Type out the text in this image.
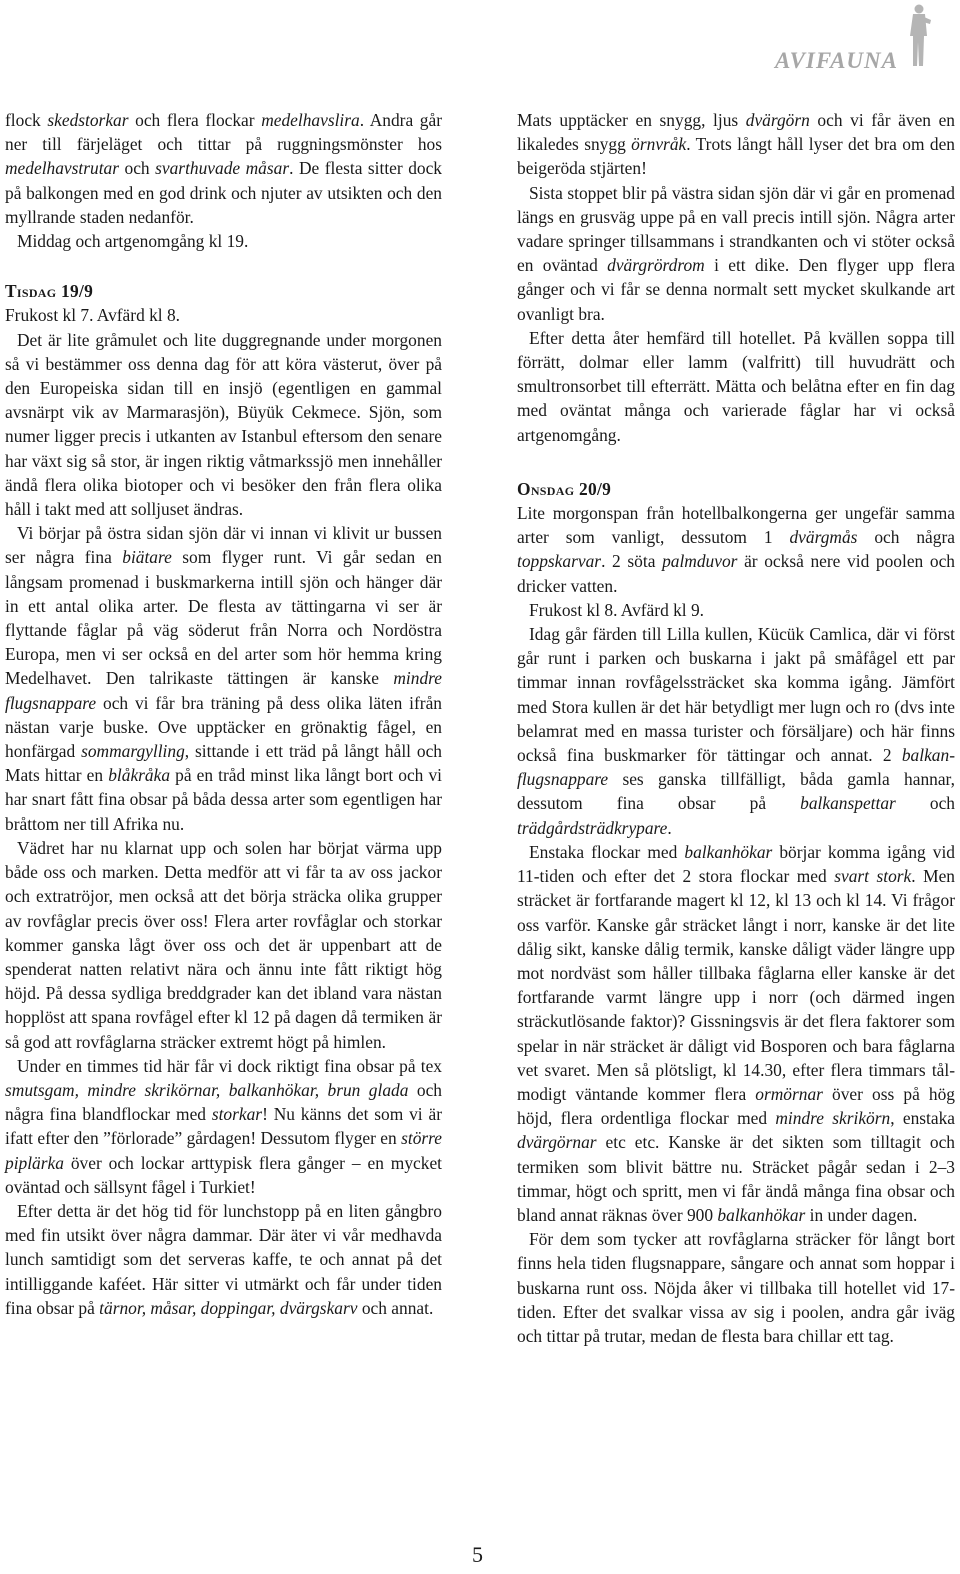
AVIFAUNA

flock skedstorkar och flera flockar medelhavslira. Andra går ner till färjeläget och tittar på ruggningsmönster hos medelhavstrutar och svarthuvade måsar. De flesta sitter dock på balkongen med en god drink och njuter av utsikten och den myllrande staden nedanför.

Middag och artgenomgång kl 19.

Tisdag 19/9

Frukost kl 7. Avfärd kl 8.

Det är lite gråmulet och lite duggregnande under morgonen så vi bestämmer oss denna dag för att köra västerut, över på den Europeiska sidan till en insjö (egentligen en gammal avsnärpt vik av Marmarasjön), Büyük Cekmece. Sjön, som numer ligger precis i utkanten av Istanbul eftersom den senare har växt sig så stor, är ingen riktig våtmarkssjö men innehåller ändå flera olika biotoper och vi besöker den från flera olika håll i takt med att solljuset ändras.

Vi börjar på östra sidan sjön där vi innan vi klivit ur bussen ser några fina biätare som flyger runt. Vi går sedan en långsam promenad i buskmarkerna intill sjön och hänger där in ett antal olika arter. De flesta av tättingarna vi ser är flyttande fåglar på väg söderut från Norra och Nordöstra Europa, men vi ser också en del arter som hör hemma kring Medelhavet. Den talrikaste tättingen är kanske mindre flugsnappare och vi får bra träning på dess olika läten ifrån nästan varje buske. Ove upptäcker en grönaktig fågel, en honfärgad sommargylling, sittande i ett träd på långt håll och Mats hittar en blåkråka på en tråd minst lika långt bort och vi har snart fått fina obsar på båda dessa arter som egentligen har bråttom ner till Afrika nu.

Vädret har nu klarnat upp och solen har börjat värma upp både oss och marken. Detta medför att vi får ta av oss jackor och extratröjor, men också att det börja sträcka olika grupper av rovfåglar precis över oss! Flera arter rovfåglar och storkar kommer ganska lågt över oss och det är uppenbart att de spenderat natten relativt nära och ännu inte fått riktigt hög höjd. På dessa sydliga breddgrader kan det ibland vara nästan hopplöst att spana rovfågel efter kl 12 på dagen då termiken är så god att rovfåglarna sträcker extremt högt på himlen.

Under en timmes tid här får vi dock riktigt fina obsar på tex smutsgam, mindre skrikörnar, balkanhökar, brun glada och några fina blandflockar med storkar! Nu känns det som vi är ifatt efter den ”förlorade” gårdagen! Dessutom flyger en större piplärka över och lockar arttypisk flera gånger – en mycket oväntad och sällsynt fågel i Turkiet!

Efter detta är det hög tid för lunchstopp på en liten gångbro med fin utsikt över några dammar. Där äter vi vår medhavda lunch samtidigt som det serveras kaffe, te och annat på det intilliggande kaféet. Här sitter vi utmärkt och får under tiden fina obsar på tärnor, måsar, doppingar, dvärgskarv och annat.

Mats upptäcker en snygg, ljus dvärgörn och vi får även en likaledes snygg örnvråk. Trots långt håll lyser det bra om den beigeröda stjärten!

Sista stoppet blir på västra sidan sjön där vi går en promenad längs en grusväg uppe på en vall precis intill sjön. Några arter vadare springer tillsammans i strandkanten och vi stöter också en oväntad dvärgrördrom i ett dike. Den flyger upp flera gånger och vi får se denna normalt sett mycket skulkande art ovanligt bra.

Efter detta åter hemfärd till hotellet. På kvällen soppa till förrätt, dolmar eller lamm (valfritt) till huvudrätt och smultronsorbet till efterrätt. Mätta och belåtna efter en fin dag med oväntat många och varierade fåglar har vi också artgenomgång.

Onsdag 20/9

Lite morgonspan från hotellbalkongerna ger ungefär samma arter som vanligt, dessutom 1 dvärgmås och några toppskarvar. 2 söta palmduvor är också nere vid poolen och dricker vatten.

Frukost kl 8. Avfärd kl 9.

Idag går färden till Lilla kullen, Kücük Camlica, där vi först går runt i parken och buskarna i jakt på småfågel ett par timmar innan rovfågelssträcket ska komma igång. Jämfört med Stora kullen är det här betydligt mer lugn och ro (dvs inte belamrat med en massa turister och försäljare) och här finns också fina buskmarker för tättingar och annat. 2 balkanflugsnappare ses ganska tillfälligt, båda gamla hannar, dessutom fina obsar på balkanspettar och trädgårdsträdkrypare.

Enstaka flockar med balkanhökar börjar komma igång vid 11-tiden och efter det 2 stora flockar med svart stork. Men sträcket är fortfarande magert kl 12, kl 13 och kl 14. Vi frågor oss varför. Kanske går sträcket långt i norr, kanske är det lite dålig sikt, kanske dålig termik, kanske dåligt väder längre upp mot nordväst som håller tillbaka fåglarna eller kanske är det fortfarande varmt längre upp i norr (och därmed ingen sträckutlösande faktor)? Gissningsvis är det flera faktorer som spelar in när sträcket är dåligt vid Bosporen och bara fåglarna vet svaret. Men så plötsligt, kl 14.30, efter flera timmars tålmodigt väntande kommer flera ormörnar över oss på hög höjd, flera ordentliga flockar med mindre skrikörn, enstaka dvärgörnar etc etc. Kanske är det sikten som tilltagit och termiken som blivit bättre nu. Sträcket pågår sedan i 2–3 timmar, högt och spritt, men vi får ändå många fina obsar och bland annat räknas över 900 balkanhökar in under dagen.

För dem som tycker att rovfåglarna sträcker för långt bort finns hela tiden flugsnappare, sångare och annat som hoppar i buskarna runt oss. Nöjda åker vi tillbaka till hotellet vid 17-tiden. Efter det svalkar vissa av sig i poolen, andra går iväg och tittar på trutar, medan de flesta bara chillar ett tag.

5
